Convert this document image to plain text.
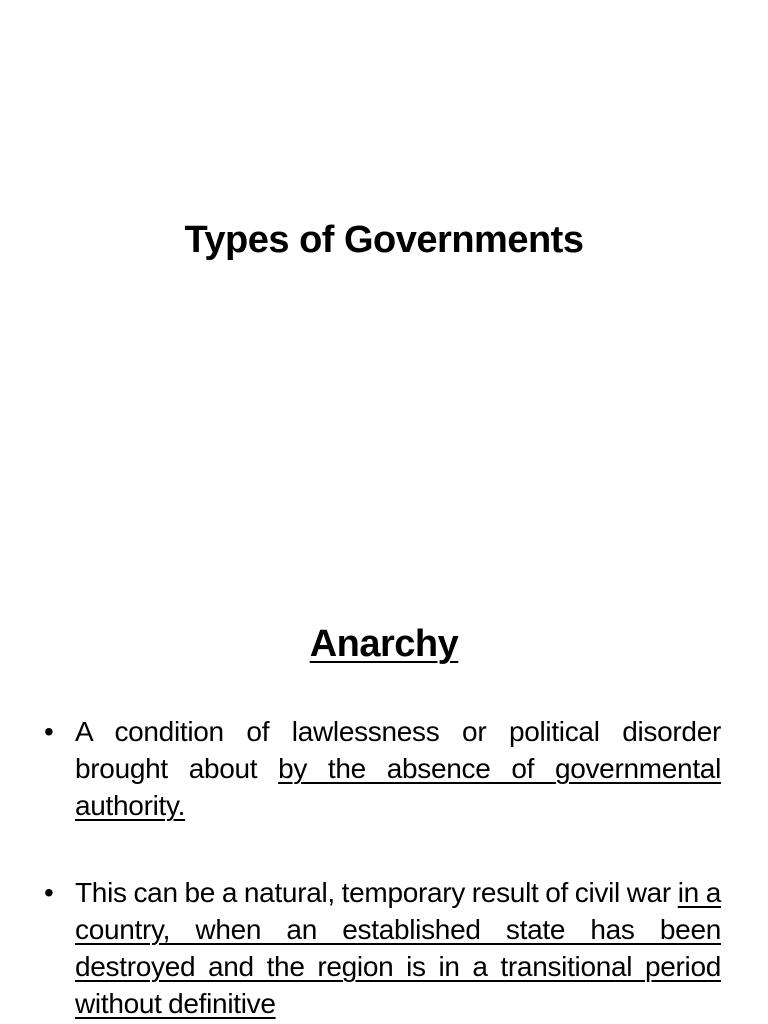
Types of Governments
Anarchy
• A condition of lawlessness or political disorder brought about by the absence of governmental authority.

• This can be a natural, temporary result of civil war in a country, when an established state has been destroyed and the region is in a transitional period without definitive
